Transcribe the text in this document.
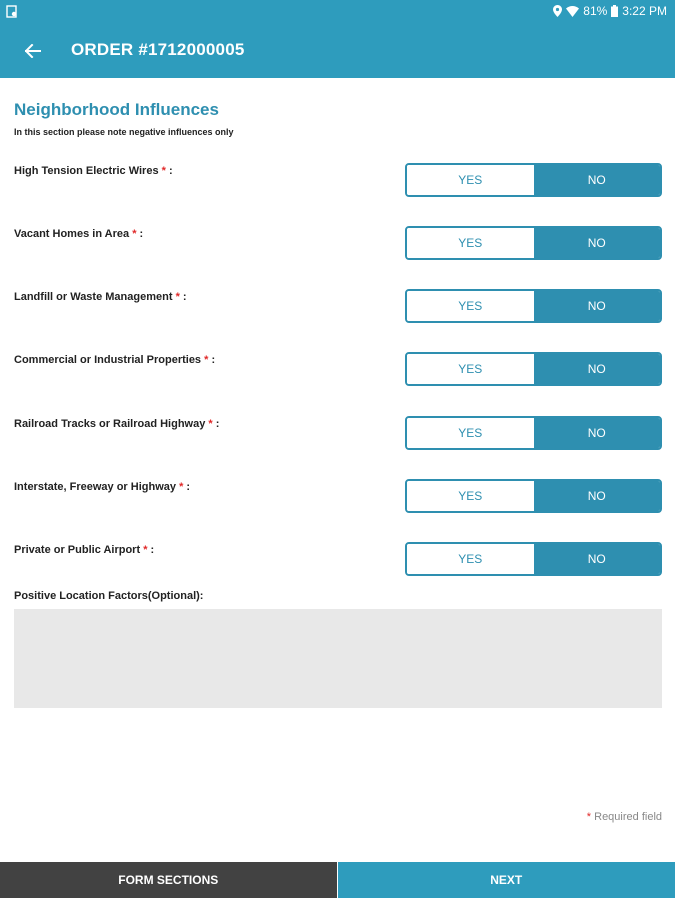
81% 3:22 PM
ORDER #1712000005
Neighborhood Influences
In this section please note negative influences only
High Tension Electric Wires * :
YES	NO
Vacant Homes in Area * :
YES	NO
Landfill or Waste Management * :
YES	NO
Commercial or Industrial Properties * :
YES	NO
Railroad Tracks or Railroad Highway * :
YES	NO
Interstate, Freeway or Highway * :
YES	NO
Private or Public Airport * :
YES	NO
Positive Location Factors(Optional):
* Required field
FORM SECTIONS	NEXT
